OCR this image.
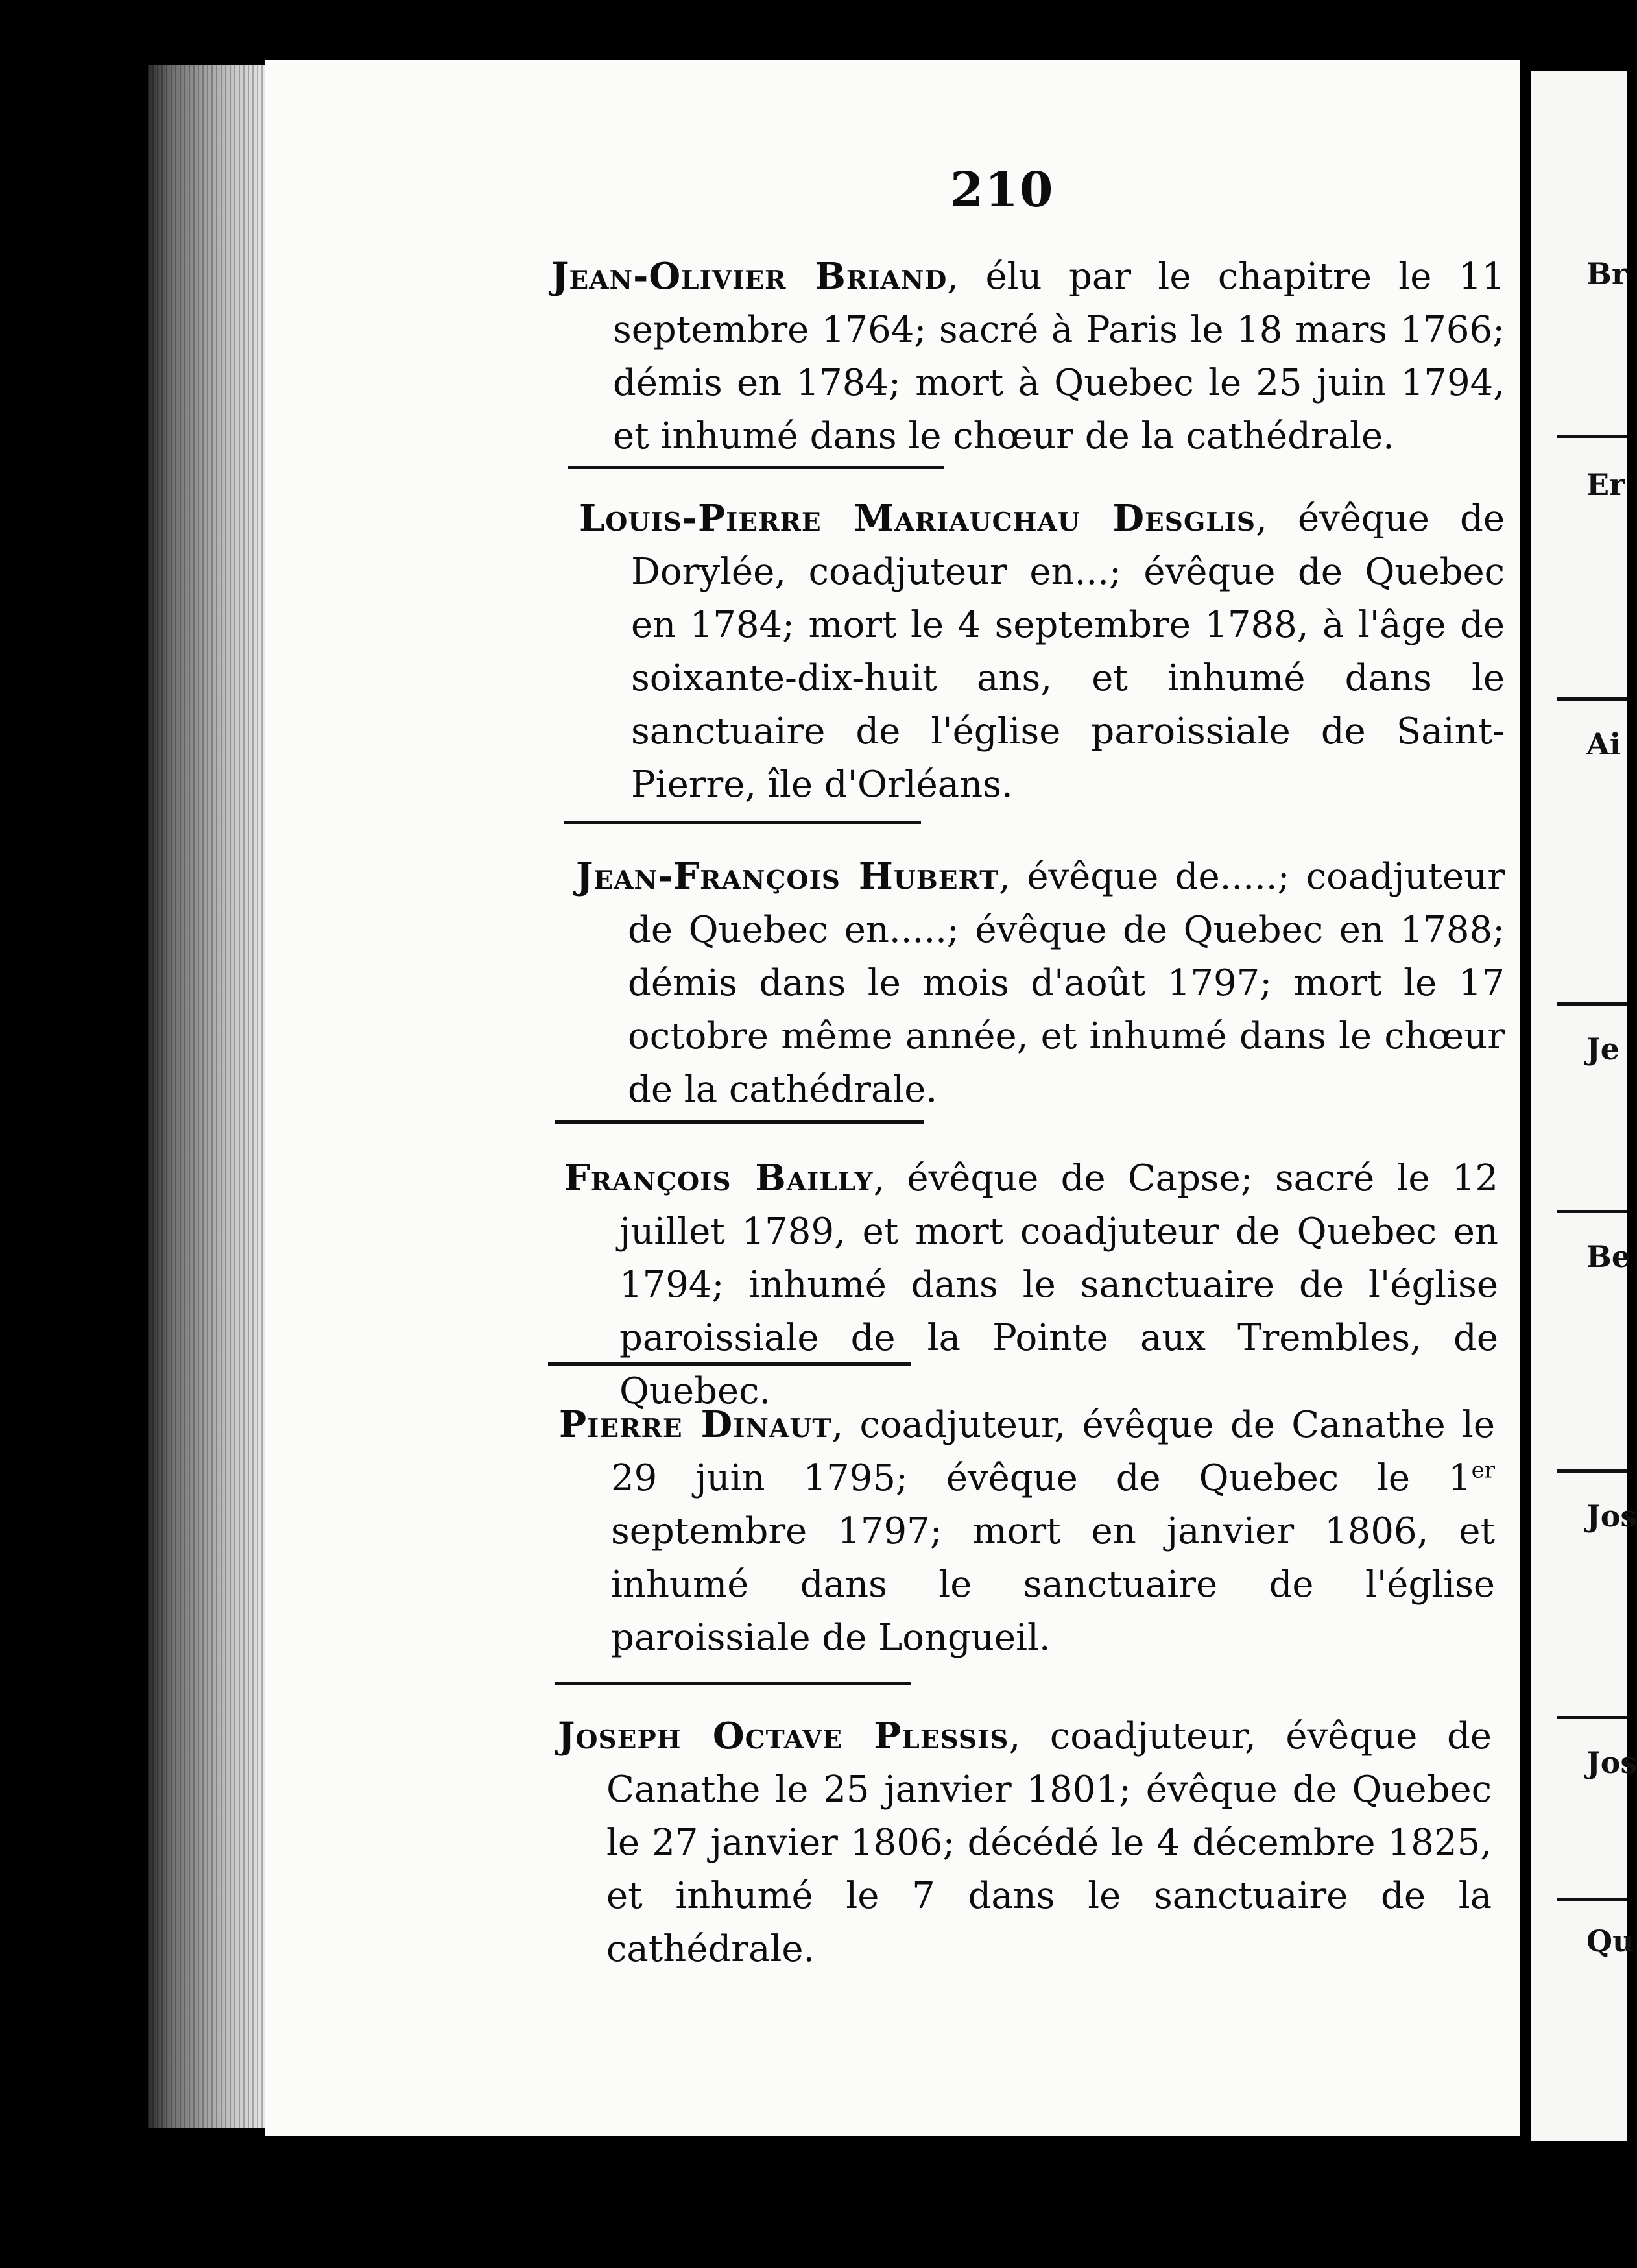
210

Jean-Olivier Briand, élu par le chapitre le 11 septembre 1764; sacré à Paris le 18 mars 1766; démis en 1784; mort à Quebec le 25 juin 1794, et inhumé dans le chœur de la cathédrale.

Louis-Pierre Mariauchau Desglis, évêque de Dorylée, coadjuteur en...; évêque de Quebec en 1784; mort le 4 septembre 1788, à l'âge de soixante-dix-huit ans, et inhumé dans le sanctuaire de l'église paroissiale de Saint-Pierre, île d'Orléans.

Jean-François Hubert, évêque de.....; coadjuteur de Quebec en.....; évêque de Quebec en 1788; démis dans le mois d'août 1797; mort le 17 octobre même année, et inhumé dans le chœur de la cathédrale.

François Bailly, évêque de Capse; sacré le 12 juillet 1789, et mort coadjuteur de Quebec en 1794; inhumé dans le sanctuaire de l'église paroissiale de la Pointe aux Trembles, de Quebec.

Pierre Dinaut, coadjuteur, évêque de Canathe le 29 juin 1795; évêque de Quebec le 1er septembre 1797; mort en janvier 1806, et inhumé dans le sanctuaire de l'église paroissiale de Longueil.

Joseph Octave Plessis, coadjuteur, évêque de Canathe le 25 janvier 1801; évêque de Quebec le 27 janvier 1806; décédé le 4 décembre 1825, et inhumé le 7 dans le sanctuaire de la cathédrale.

Br
Er
Ai
Je
Be
Jos
Jos
Qu
